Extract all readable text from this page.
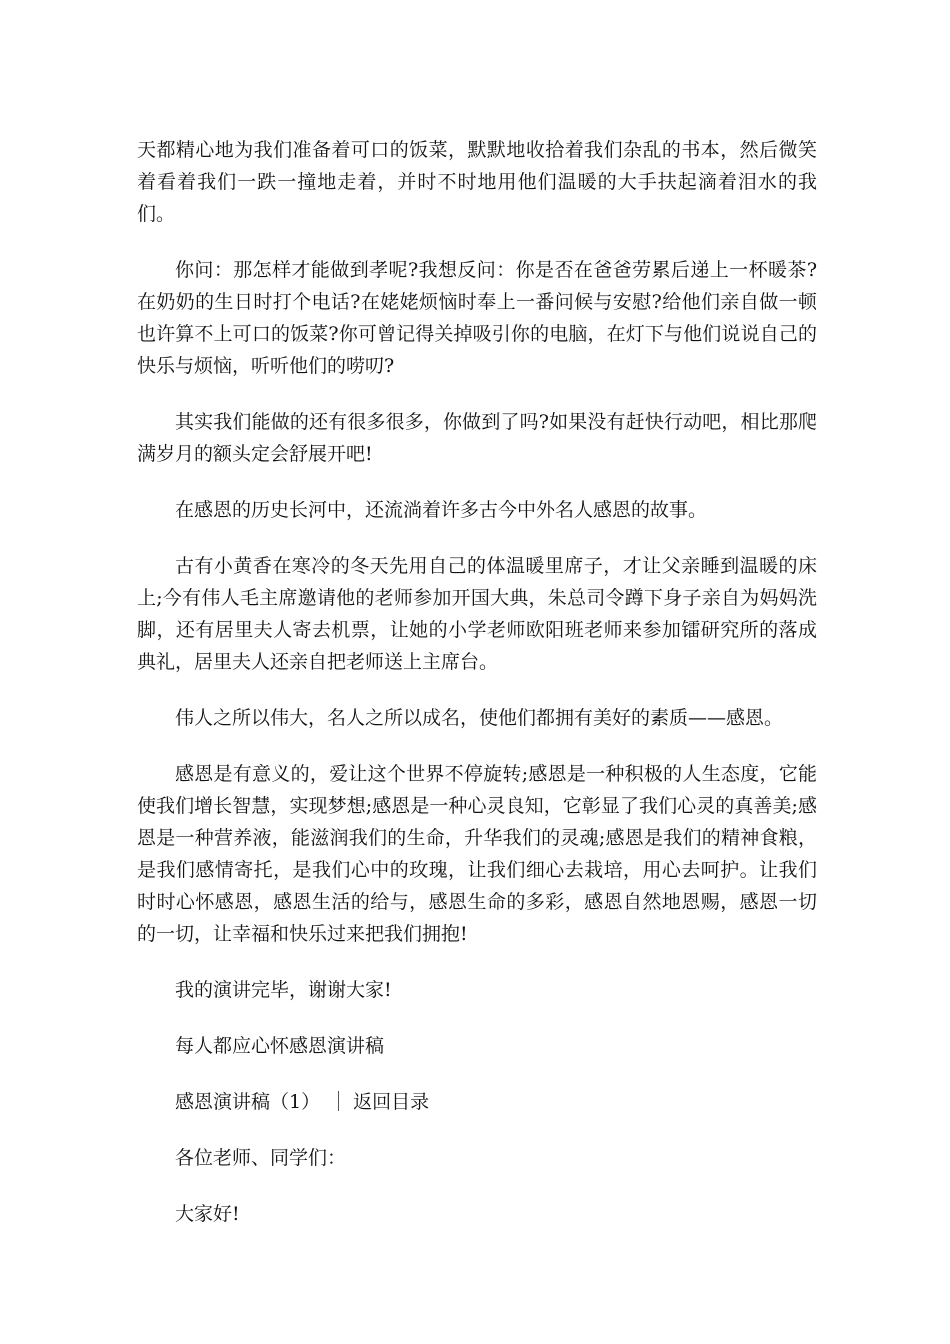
天都精心地为我们准备着可口的饭菜，默默地收拾着我们杂乱的书本，然后微笑着看着我们一跌一撞地走着，并时不时地用他们温暖的大手扶起滴着泪水的我们。

你问：那怎样才能做到孝呢?我想反问：你是否在爸爸劳累后递上一杯暖茶?在奶奶的生日时打个电话?在姥姥烦恼时奉上一番问候与安慰?给他们亲自做一顿也许算不上可口的饭菜?你可曾记得关掉吸引你的电脑，在灯下与他们说说自己的快乐与烦恼，听听他们的唠叨?

其实我们能做的还有很多很多，你做到了吗?如果没有赶快行动吧，相比那爬满岁月的额头定会舒展开吧!

在感恩的历史长河中，还流淌着许多古今中外名人感恩的故事。

古有小黄香在寒冷的冬天先用自己的体温暖里席子，才让父亲睡到温暖的床上;今有伟人毛主席邀请他的老师参加开国大典，朱总司令蹲下身子亲自为妈妈洗脚，还有居里夫人寄去机票，让她的小学老师欧阳班老师来参加镭研究所的落成典礼，居里夫人还亲自把老师送上主席台。

伟人之所以伟大，名人之所以成名，使他们都拥有美好的素质——感恩。

感恩是有意义的，爱让这个世界不停旋转;感恩是一种积极的人生态度，它能使我们增长智慧，实现梦想;感恩是一种心灵良知，它彰显了我们心灵的真善美;感恩是一种营养液，能滋润我们的生命，升华我们的灵魂;感恩是我们的精神食粮，是我们感情寄托，是我们心中的玫瑰，让我们细心去栽培，用心去呵护。让我们时时心怀感恩，感恩生活的给与，感恩生命的多彩，感恩自然地恩赐，感恩一切的一切，让幸福和快乐过来把我们拥抱!

我的演讲完毕，谢谢大家!

每人都应心怀感恩演讲稿

感恩演讲稿（1） 返回目录

各位老师、同学们：

大家好!
